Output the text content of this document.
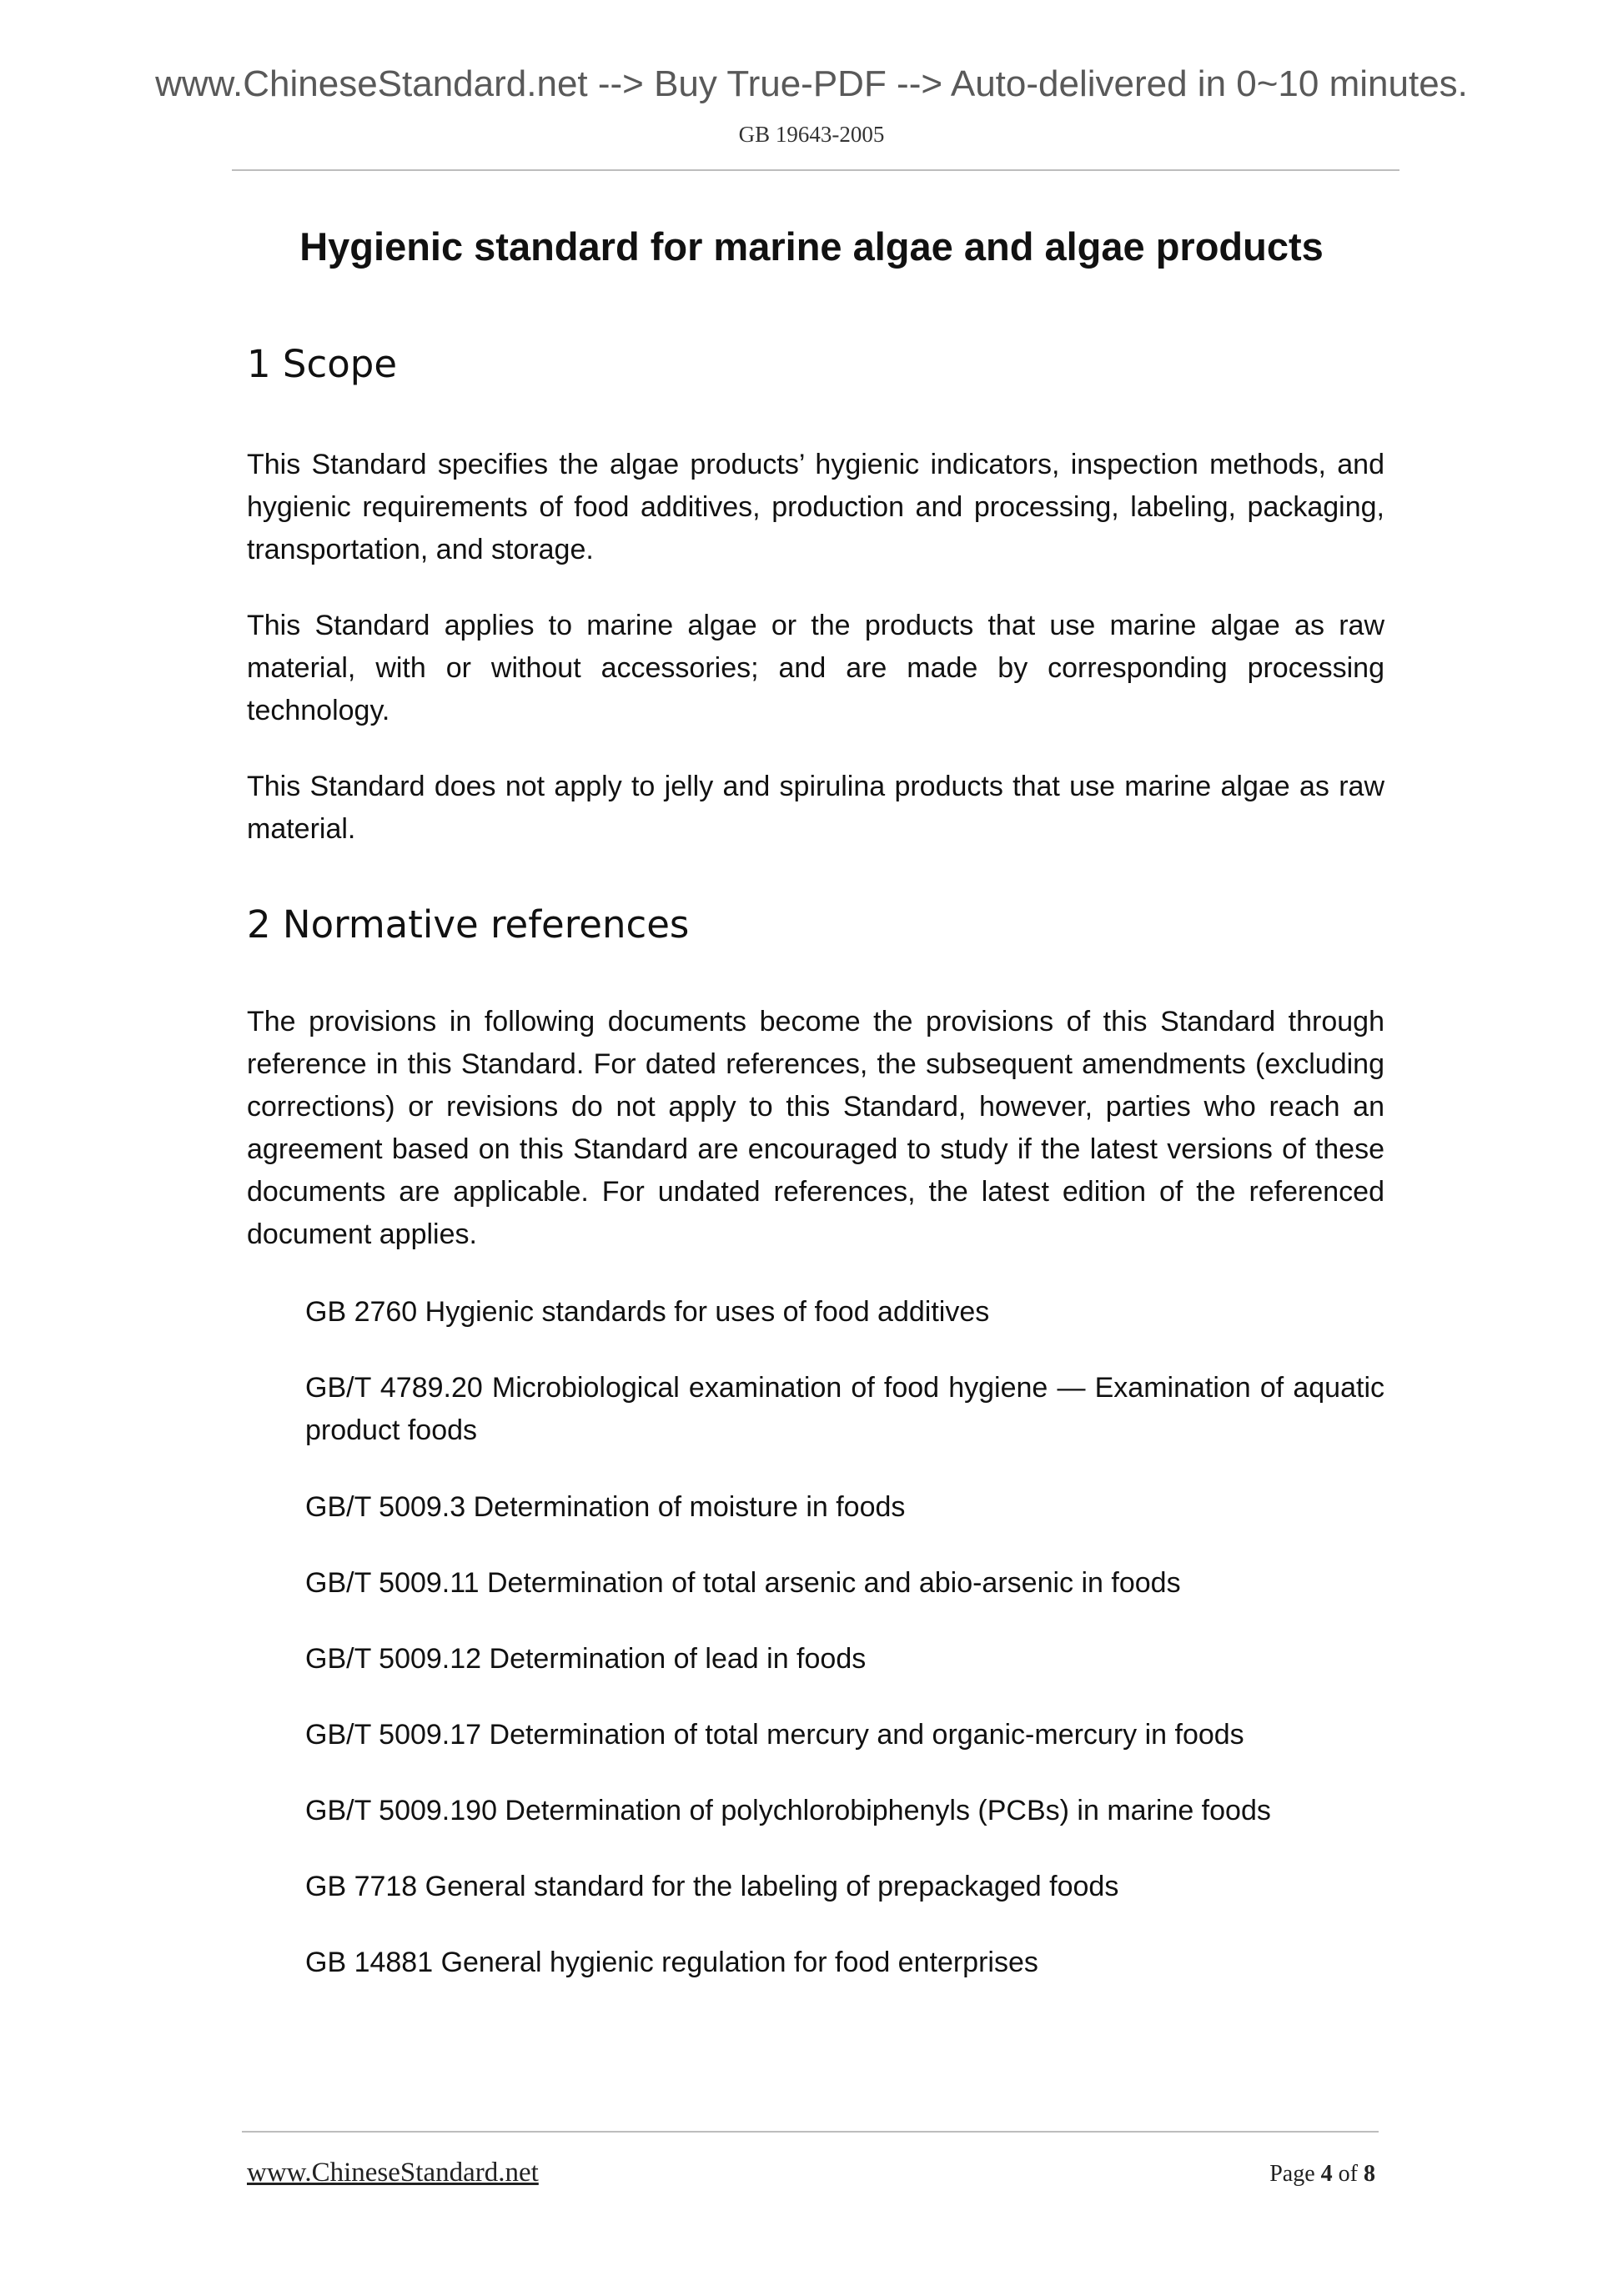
www.ChineseStandard.net --> Buy True-PDF --> Auto-delivered in 0~10 minutes.
GB 19643-2005
Hygienic standard for marine algae and algae products
1 Scope

This Standard specifies the algae products’ hygienic indicators, inspection methods, and hygienic requirements of food additives, production and processing, labeling, packaging, transportation, and storage.

This Standard applies to marine algae or the products that use marine algae as raw material, with or without accessories; and are made by corresponding processing technology.

This Standard does not apply to jelly and spirulina products that use marine algae as raw material.

2 Normative references

The provisions in following documents become the provisions of this Standard through reference in this Standard. For dated references, the subsequent amendments (excluding corrections) or revisions do not apply to this Standard, however, parties who reach an agreement based on this Standard are encouraged to study if the latest versions of these documents are applicable. For undated references, the latest edition of the referenced document applies.

GB 2760 Hygienic standards for uses of food additives

GB/T 4789.20 Microbiological examination of food hygiene — Examination of aquatic product foods

GB/T 5009.3 Determination of moisture in foods

GB/T 5009.11 Determination of total arsenic and abio-arsenic in foods

GB/T 5009.12 Determination of lead in foods

GB/T 5009.17 Determination of total mercury and organic-mercury in foods

GB/T 5009.190 Determination of polychlorobiphenyls (PCBs) in marine foods

GB 7718 General standard for the labeling of prepackaged foods

GB 14881 General hygienic regulation for food enterprises

www.ChineseStandard.net	Page 4 of 8
